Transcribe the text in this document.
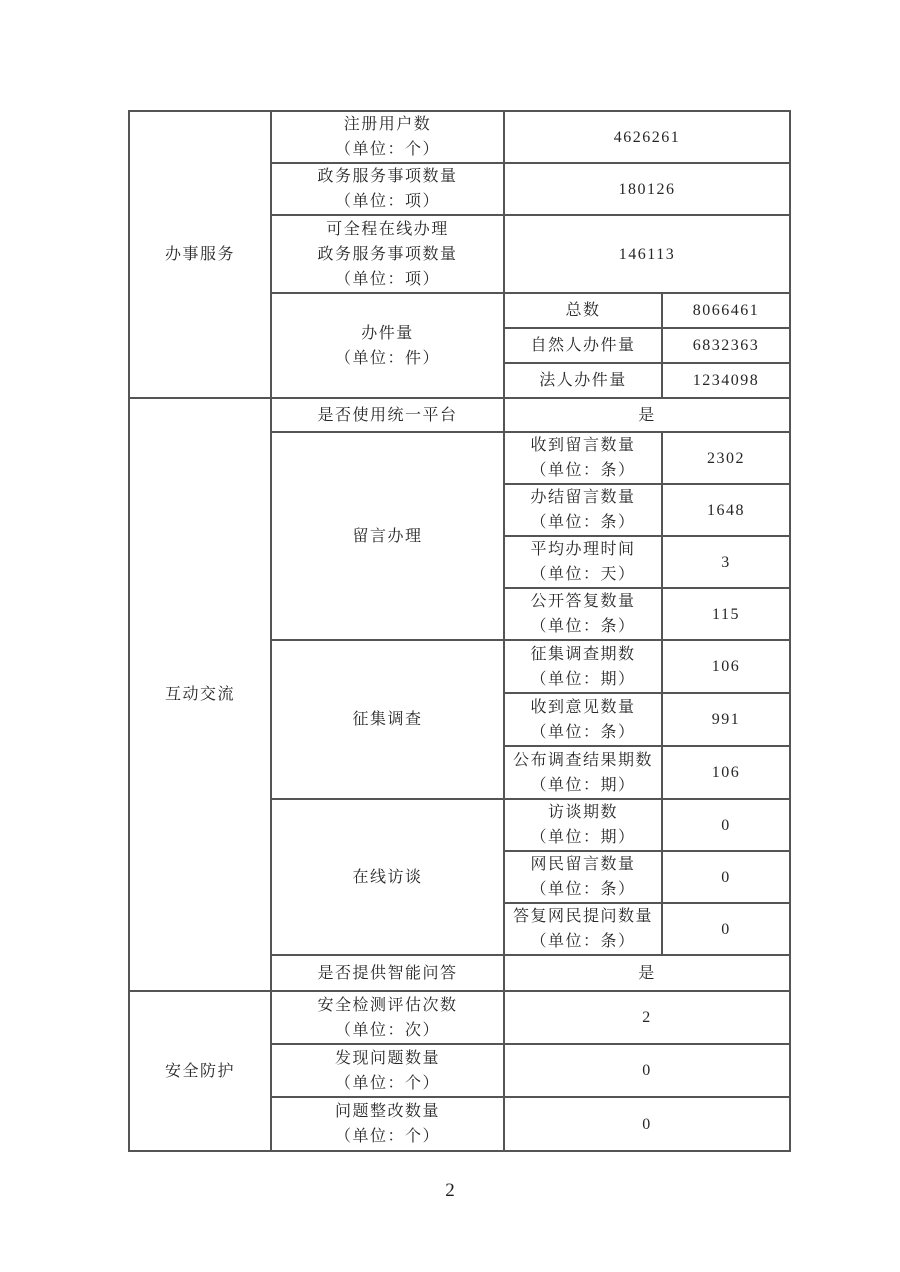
办事服务	注册用户数
（单位：个）	4626261	

	政务服务事项数量
（单位：项）	180126	

	可全程在线办理
政务服务事项数量
（单位：项）	146113	

	办件量
（单位：件）	总数	8066461

		自然人办件量	6832363

		法人办件量	1234098
互动交流	是否使用统一平台	是	

	留言办理	收到留言数量
（单位：条）	2302

		办结留言数量
（单位：条）	1648

		平均办理时间
（单位：天）	3

		公开答复数量
（单位：条）	115

	征集调查	征集调查期数
（单位：期）	106

		收到意见数量
（单位：条）	991

		公布调查结果期数
（单位：期）	106

	在线访谈	访谈期数
（单位：期）	0

		网民留言数量
（单位：条）	0

		答复网民提问数量
（单位：条）	0

	是否提供智能问答	是	
安全防护	安全检测评估次数
（单位：次）	2	

	发现问题数量
（单位：个）	0	

	问题整改数量
（单位：个）	0	
2
